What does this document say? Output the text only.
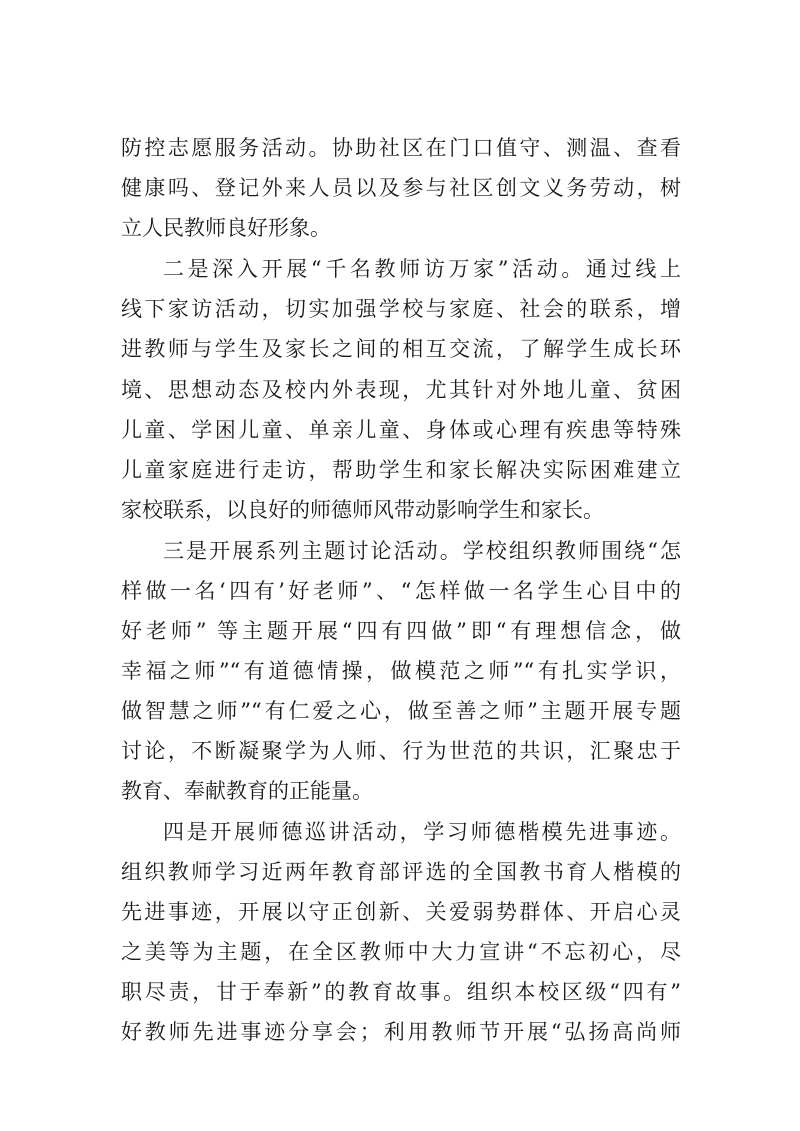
防控志愿服务活动。协助社区在门口值守、测温、查看
健康吗、登记外来人员以及参与社区创文义务劳动，树
立人民教师良好形象。
二是深入开展“千名教师访万家”活动。通过线上
线下家访活动，切实加强学校与家庭、社会的联系，增
进教师与学生及家长之间的相互交流，了解学生成长环
境、思想动态及校内外表现，尤其针对外地儿童、贫困
儿童、学困儿童、单亲儿童、身体或心理有疾患等特殊
儿童家庭进行走访，帮助学生和家长解决实际困难建立
家校联系，以良好的师德师风带动影响学生和家长。
三是开展系列主题讨论活动。学校组织教师围绕“怎
样做一名‘四有’好老师”、“怎样做一名学生心目中的
好老师” 等主题开展“四有四做”即“有理想信念，做
幸福之师”“有道德情操，做模范之师”“有扎实学识，
做智慧之师”“有仁爱之心，做至善之师”主题开展专题
讨论，不断凝聚学为人师、行为世范的共识，汇聚忠于
教育、奉献教育的正能量。
四是开展师德巡讲活动，学习师德楷模先进事迹。
组织教师学习近两年教育部评选的全国教书育人楷模的
先进事迹，开展以守正创新、关爱弱势群体、开启心灵
之美等为主题，在全区教师中大力宣讲“不忘初心，尽
职尽责，甘于奉新”的教育故事。组织本校区级“四有”
好教师先进事迹分享会；利用教师节开展“弘扬高尚师
